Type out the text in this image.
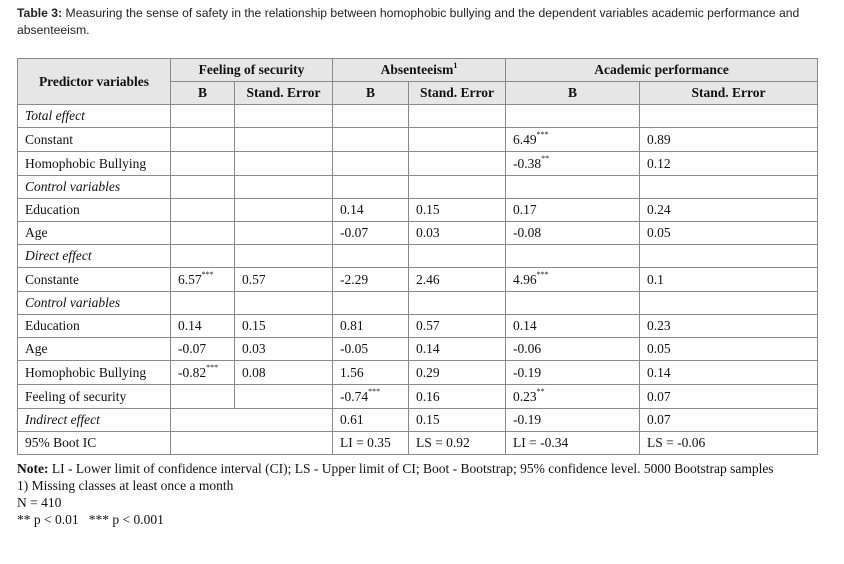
Table 3: Measuring the sense of safety in the relationship between homophobic bullying and the dependent variables academic performance and absenteeism.
Predictor variables	Feeling of security		Absenteeism$^1$		Academic performance	
	B	Stand. Error	B	Stand. Error	B	Stand. Error
Total effect						
Constant					6.49***	0.89
Homophobic Bullying					-0.38**	0.12
Control variables						
Education			0.14	0.15	0.17	0.24
Age			-0.07	0.03	-0.08	0.05
Direct effect						
Constante	6.57***	0.57	-2.29	2.46	4.96***	0.1
Control variables						
Education	0.14	0.15	0.81	0.57	0.14	0.23
Age	-0.07	0.03	-0.05	0.14	-0.06	0.05
Homophobic Bullying	-0.82***	0.08	1.56	0.29	-0.19	0.14
Feeling of security			-0.74***	0.16	0.23**	0.07
Indirect effect			0.61	0.15	-0.19	0.07
95% Boot IC			LI = 0.35	LS = 0.92	LI = -0.34	LS = -0.06

Note: LI - Lower limit of confidence interval (CI); LS - Upper limit of CI; Boot - Bootstrap; 95% confidence level. 5000 Bootstrap samples

1) Missing classes at least once a month

N = 410

** p < 0.01   *** p < 0.001
